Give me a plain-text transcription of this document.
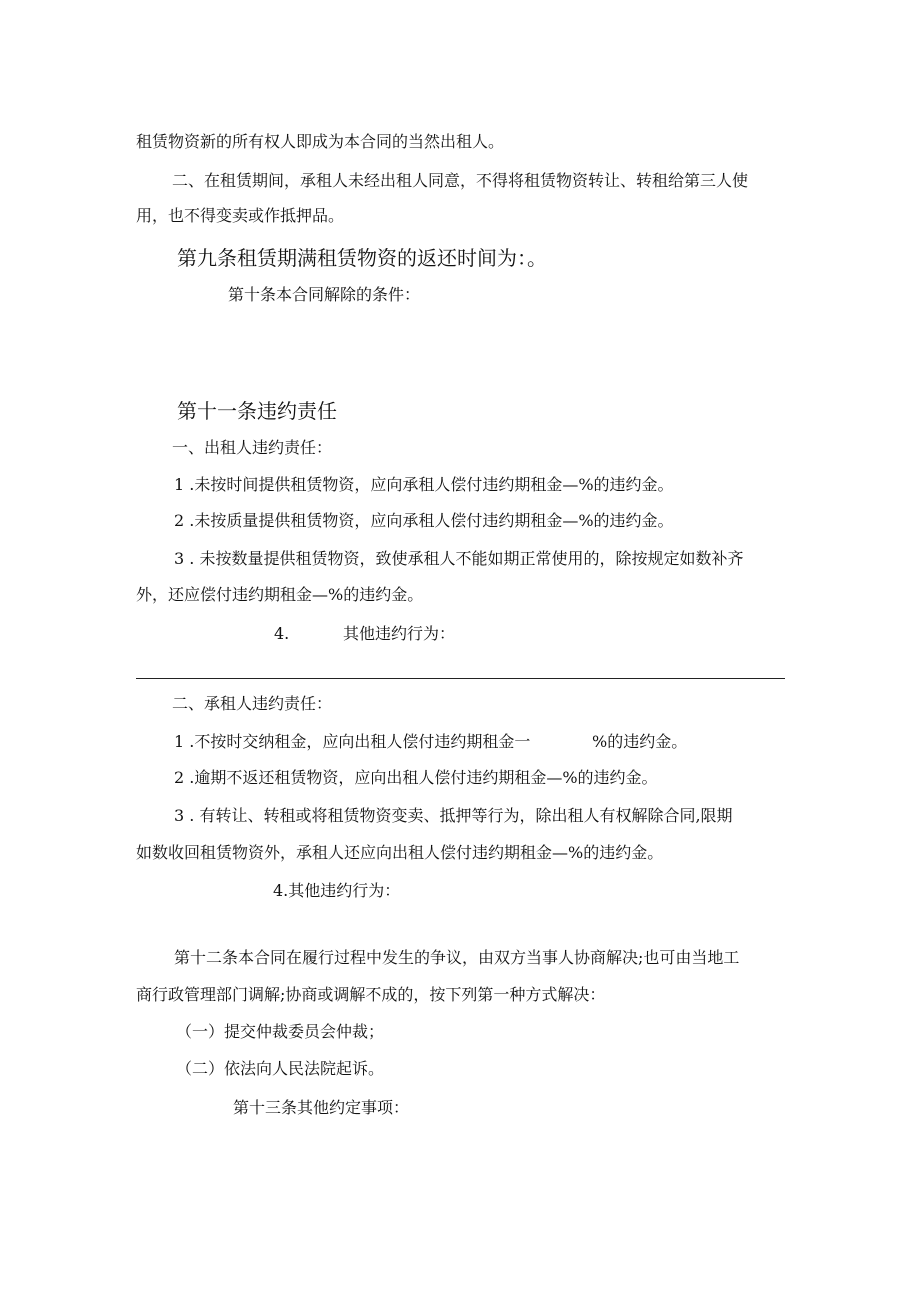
租赁物资新的所有权人即成为本合同的当然出租人。
二、在租赁期间，承租人未经出租人同意，不得将租赁物资转让、转租给第三人使
用，也不得变卖或作抵押品。
第九条租赁期满租赁物资的返还时间为：。
第十条本合同解除的条件：
第十一条违约责任
一、出租人违约责任：
1 .未按时间提供租赁物资，应向承租人偿付违约期租金—%的违约金。
2 .未按质量提供租赁物资，应向承租人偿付违约期租金—%的违约金。
3 . 未按数量提供租赁物资，致使承租人不能如期正常使用的，除按规定如数补齐
外，还应偿付违约期租金—%的违约金。
4.	其他违约行为：
二、承租人违约责任：
1 .不按时交纳租金，应向出租人偿付违约期租金一	%的违约金。
2 .逾期不返还租赁物资，应向出租人偿付违约期租金—%的违约金。
3 . 有转让、转租或将租赁物资变卖、抵押等行为，除出租人有权解除合同,限期
如数收回租赁物资外，承租人还应向出租人偿付违约期租金—%的违约金。
4.其他违约行为：
第十二条本合同在履行过程中发生的争议，由双方当事人协商解决;也可由当地工
商行政管理部门调解;协商或调解不成的，按下列第一种方式解决：
（一）提交仲裁委员会仲裁；
（二）依法向人民法院起诉。
第十三条其他约定事项：
